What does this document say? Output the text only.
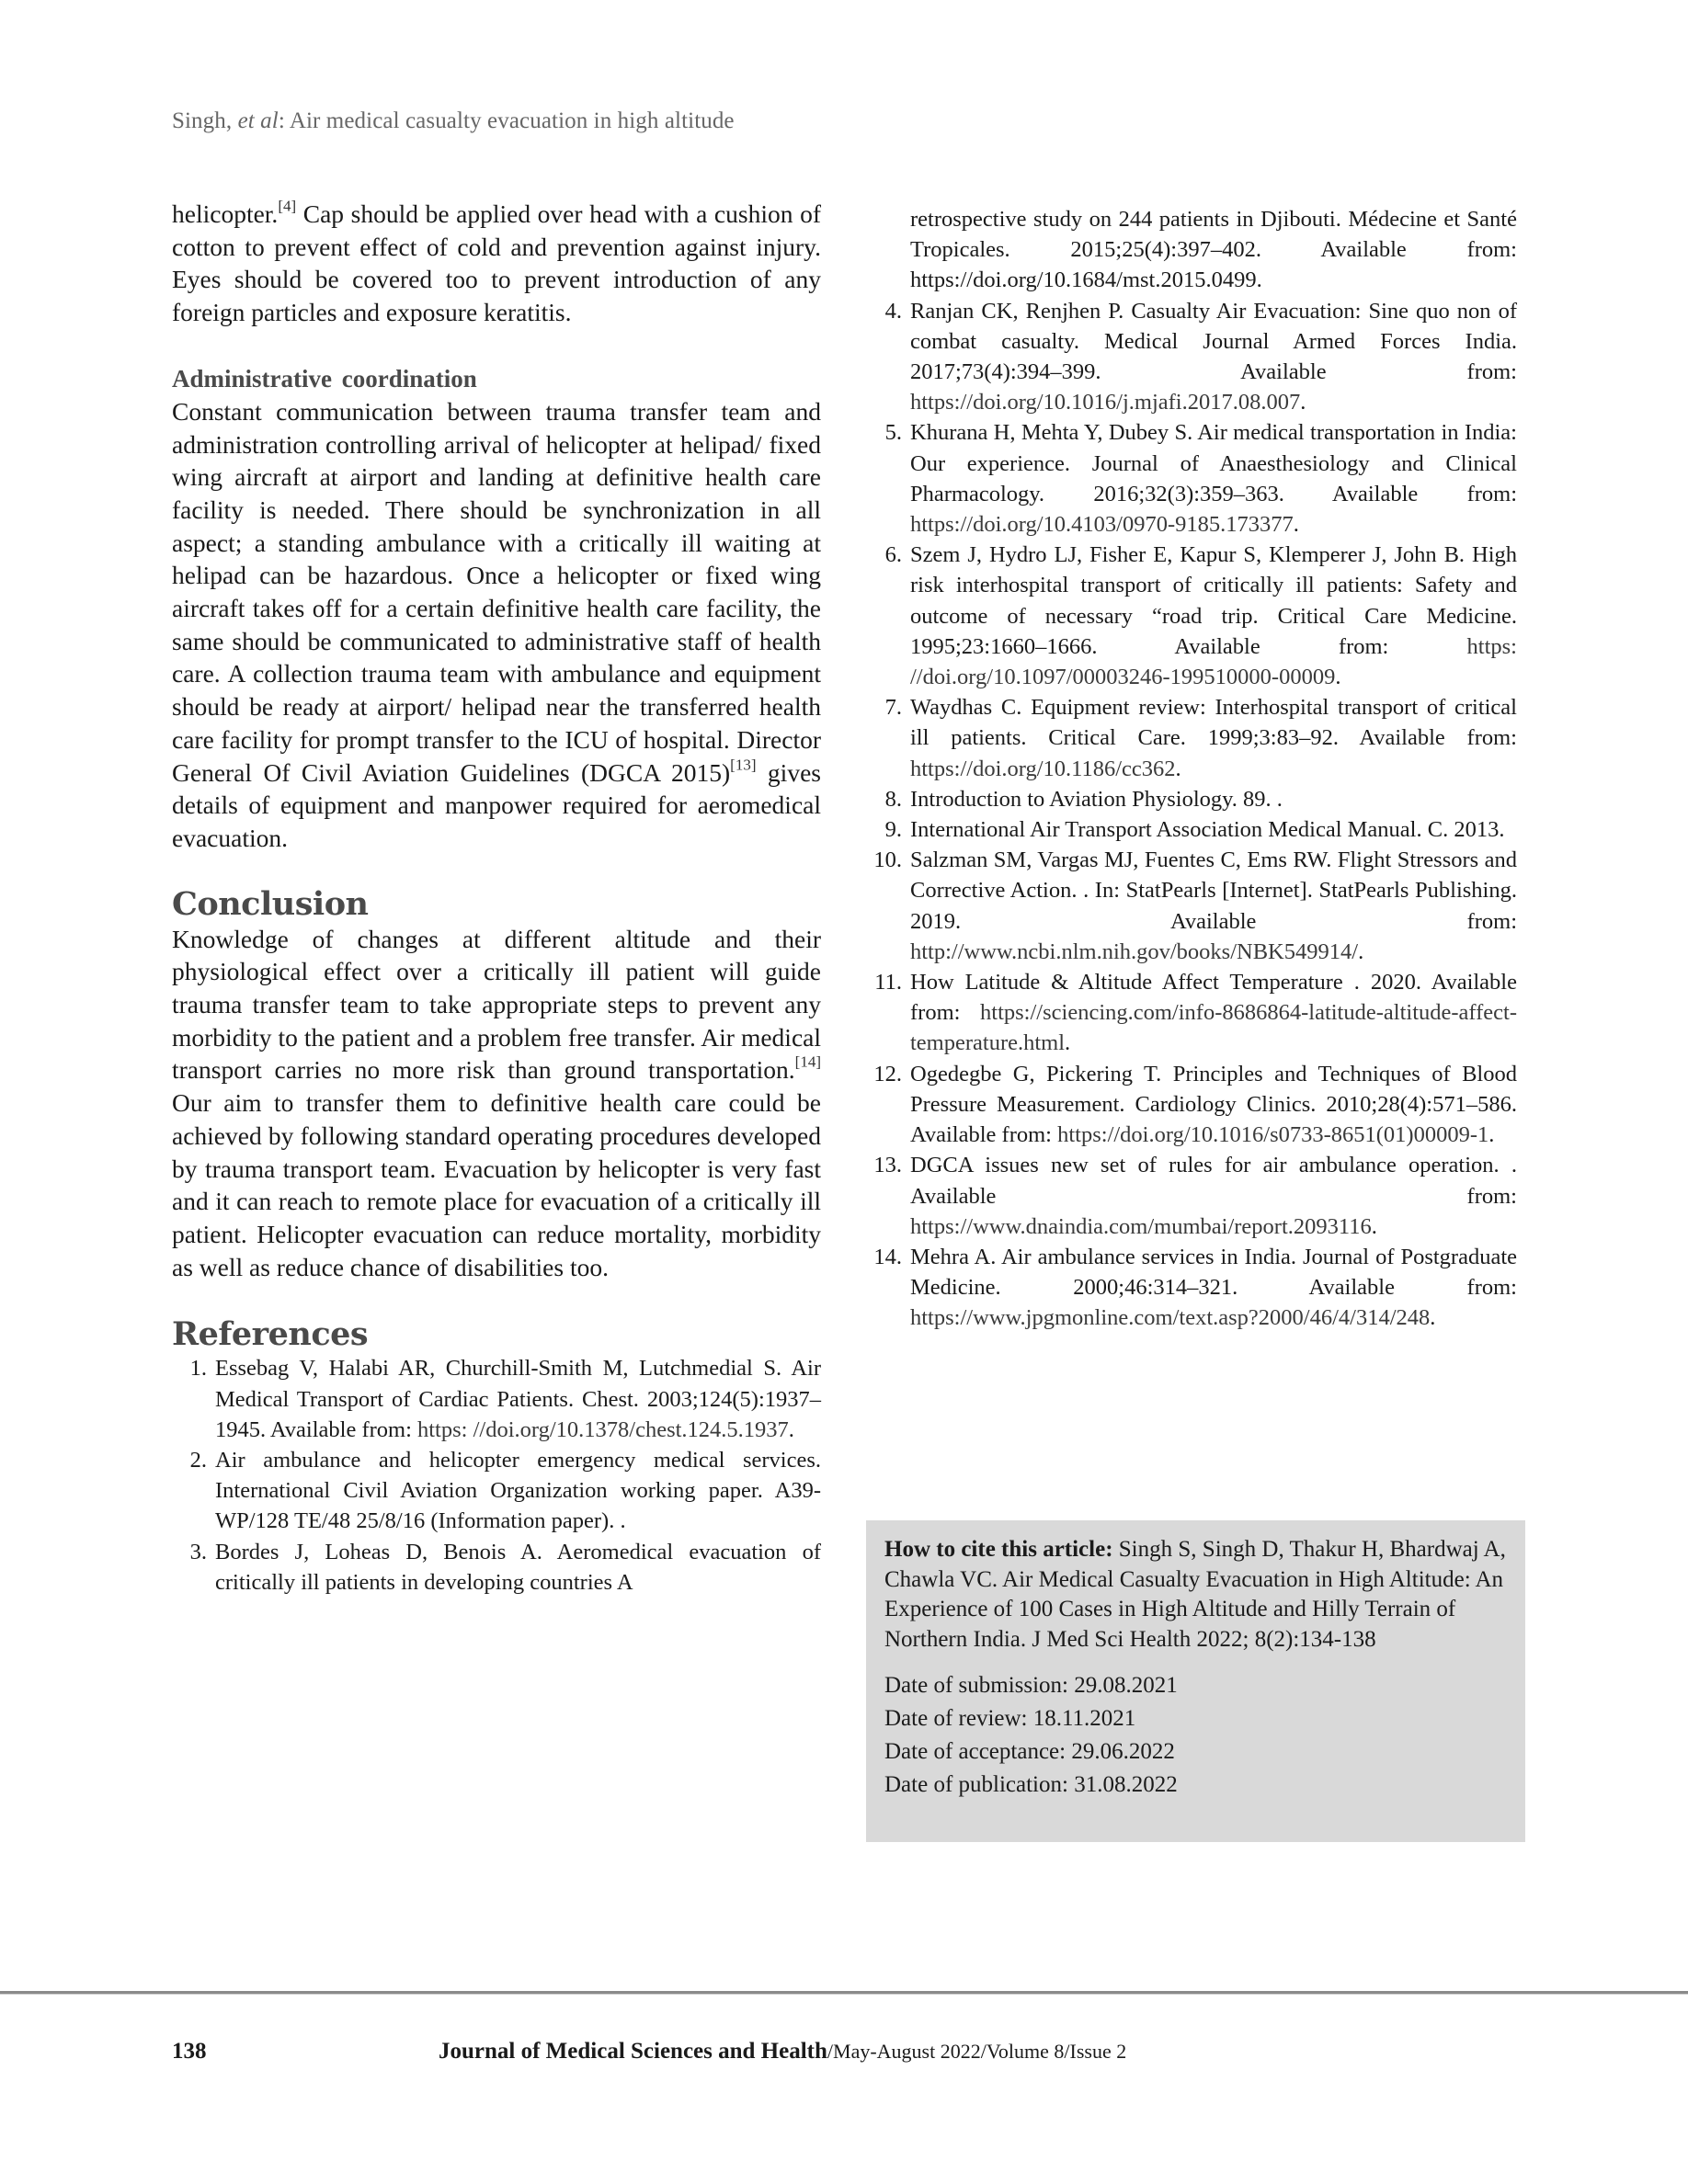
Singh, et al: Air medical casualty evacuation in high altitude

helicopter.[4] Cap should be applied over head with a cushion of cotton to prevent effect of cold and prevention against injury. Eyes should be covered too to prevent introduction of any foreign particles and exposure keratitis.

Administrative coordination

Constant communication between trauma transfer team and administration controlling arrival of helicopter at helipad/ fixed wing aircraft at airport and landing at definitive health care facility is needed. There should be synchronization in all aspect; a standing ambulance with a critically ill waiting at helipad can be hazardous. Once a helicopter or fixed wing aircraft takes off for a certain definitive health care facility, the same should be communicated to administrative staff of health care. A collection trauma team with ambulance and equipment should be ready at airport/ helipad near the transferred health care facility for prompt transfer to the ICU of hospital. Director General Of Civil Aviation Guidelines (DGCA 2015)[13] gives details of equipment and manpower required for aeromedical evacuation.

Conclusion

Knowledge of changes at different altitude and their physiological effect over a critically ill patient will guide trauma transfer team to take appropriate steps to prevent any morbidity to the patient and a problem free transfer. Air medical transport carries no more risk than ground transportation.[14] Our aim to transfer them to definitive health care could be achieved by following standard operating procedures developed by trauma transport team. Evacuation by helicopter is very fast and it can reach to remote place for evacuation of a critically ill patient. Helicopter evacuation can reduce mortality, morbidity as well as reduce chance of disabilities too.

References
1. Essebag V, Halabi AR, Churchill-Smith M, Lutchmedial S. Air Medical Transport of Cardiac Patients. Chest. 2003;124(5):1937–1945. Available from: https: //doi.org/10.1378/chest.124.5.1937.
2. Air ambulance and helicopter emergency medical services. International Civil Aviation Organization working paper. A39-WP/128 TE/48 25/8/16 (Information paper). .
3. Bordes J, Loheas D, Benois A. Aeromedical evacuation of critically ill patients in developing countries A
retrospective study on 244 patients in Djibouti. Médecine et Santé Tropicales. 2015;25(4):397–402. Available from: https://doi.org/10.1684/mst.2015.0499.
4. Ranjan CK, Renjhen P. Casualty Air Evacuation: Sine quo non of combat casualty. Medical Journal Armed Forces India. 2017;73(4):394–399. Available from: https://doi.org/10.1016/j.mjafi.2017.08.007.
5. Khurana H, Mehta Y, Dubey S. Air medical transportation in India: Our experience. Journal of Anaesthesiology and Clinical Pharmacology. 2016;32(3):359–363. Available from: https://doi.org/10.4103/0970-9185.173377.
6. Szem J, Hydro LJ, Fisher E, Kapur S, Klemperer J, John B. High risk interhospital transport of critically ill patients: Safety and outcome of necessary “road trip. Critical Care Medicine. 1995;23:1660–1666. Available from: https: //doi.org/10.1097/00003246-199510000-00009.
7. Waydhas C. Equipment review: Interhospital transport of critical ill patients. Critical Care. 1999;3:83–92. Available from: https://doi.org/10.1186/cc362.
8. Introduction to Aviation Physiology. 89. .
9. International Air Transport Association Medical Manual. C. 2013.
10. Salzman SM, Vargas MJ, Fuentes C, Ems RW. Flight Stressors and Corrective Action. . In: StatPearls [Internet]. StatPearls Publishing. 2019. Available from: http://www.ncbi.nlm.nih.gov/books/NBK549914/.
11. How Latitude & Altitude Affect Temperature . 2020. Available from: https://sciencing.com/info-8686864-latitude-altitude-affect-temperature.html.
12. Ogedegbe G, Pickering T. Principles and Techniques of Blood Pressure Measurement. Cardiology Clinics. 2010;28(4):571–586. Available from: https://doi.org/10.1016/s0733-8651(01)00009-1.
13. DGCA issues new set of rules for air ambulance operation. . Available from: https://www.dnaindia.com/mumbai/report.2093116.
14. Mehra A. Air ambulance services in India. Journal of Postgraduate Medicine. 2000;46:314–321. Available from: https://www.jpgmonline.com/text.asp?2000/46/4/314/248.

How to cite this article: Singh S, Singh D, Thakur H, Bhardwaj A, Chawla VC. Air Medical Casualty Evacuation in High Altitude: An Experience of 100 Cases in High Altitude and Hilly Terrain of Northern India. J Med Sci Health 2022; 8(2):134-138

Date of submission: 29.08.2021
Date of review: 18.11.2021
Date of acceptance: 29.06.2022
Date of publication: 31.08.2022
138	Journal of Medical Sciences and Health/May-August 2022/Volume 8/Issue 2
